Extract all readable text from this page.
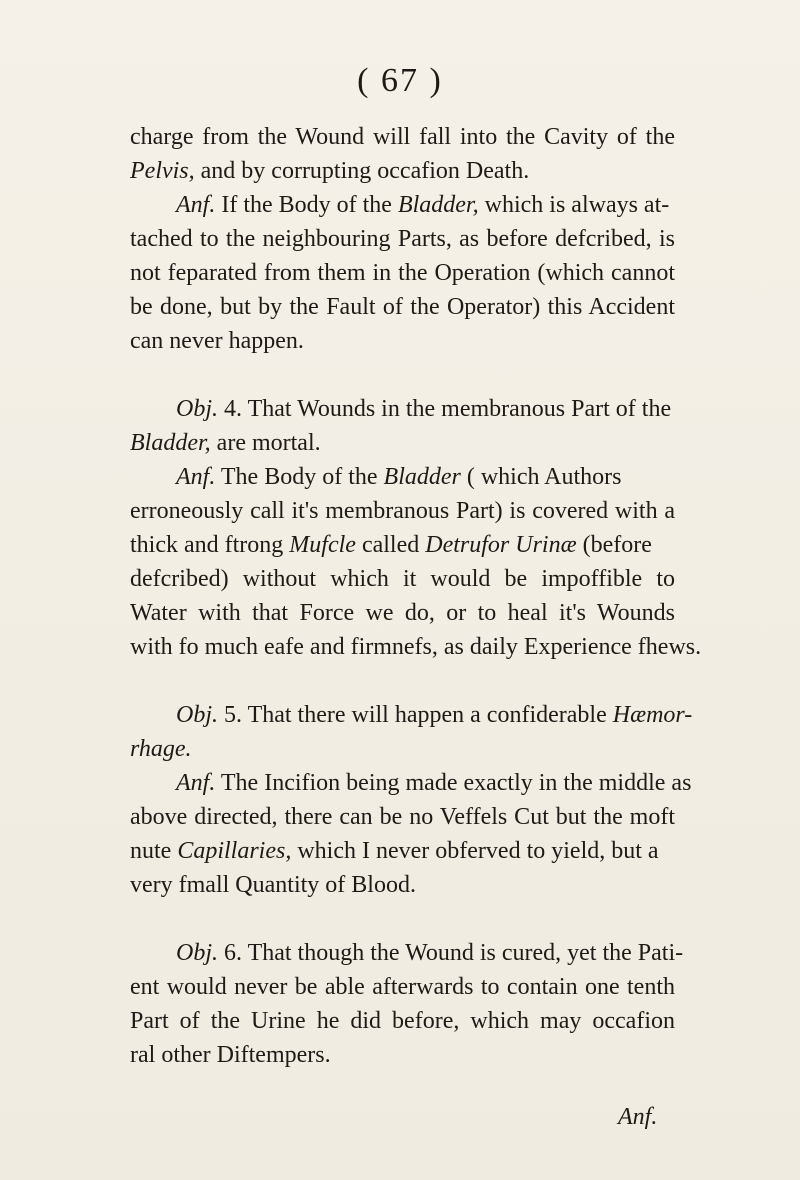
( 67 )
charge from the Wound will fall into the Cavity of the
Pelvis, and by corrupting occafion Death.
Anf. If the Body of the Bladder, which is always at-
tached to the neighbouring Parts, as before defcribed, is
not feparated from them in the Operation (which cannot
be done, but by the Fault of the Operator) this Accident
can never happen.
Obj. 4. That Wounds in the membranous Part of the
Bladder, are mortal.
Anf. The Body of the Bladder ( which Authors
erroneously call it's membranous Part) is covered with a
thick and ftrong Mufcle called Detrufor Urinæ (before
defcribed) without which it would be impoffible to
Water with that Force we do, or to heal it's Wounds
with fo much eafe and firmnefs, as daily Experience fhews.
Obj. 5. That there will happen a confiderable Hæmor-
rhage.
Anf. The Incifion being made exactly in the middle as
above directed, there can be no Veffels Cut but the moft
nute Capillaries, which I never obferved to yield, but a
very fmall Quantity of Blood.
Obj. 6. That though the Wound is cured, yet the Pati-
ent would never be able afterwards to contain one tenth
Part of the Urine he did before, which may occafion
ral other Diftempers.
Anf.
